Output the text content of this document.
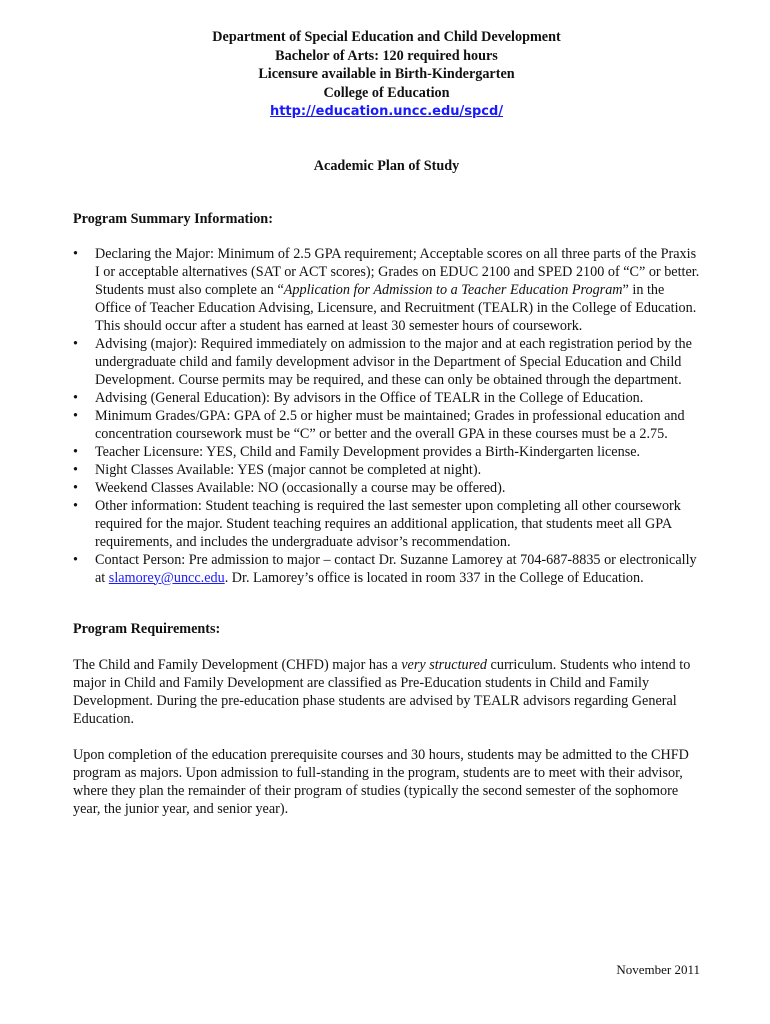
Department of Special Education and Child Development
Bachelor of Arts: 120 required hours
Licensure available in Birth-Kindergarten
College of Education
http://education.uncc.edu/spcd/
Academic Plan of Study
Program Summary Information:
• Declaring the Major: Minimum of 2.5 GPA requirement; Acceptable scores on all three parts of the Praxis I or acceptable alternatives (SAT or ACT scores); Grades on EDUC 2100 and SPED 2100 of “C” or better. Students must also complete an “Application for Admission to a Teacher Education Program” in the Office of Teacher Education Advising, Licensure, and Recruitment (TEALR) in the College of Education. This should occur after a student has earned at least 30 semester hours of coursework.
• Advising (major): Required immediately on admission to the major and at each registration period by the undergraduate child and family development advisor in the Department of Special Education and Child Development. Course permits may be required, and these can only be obtained through the department.
• Advising (General Education): By advisors in the Office of TEALR in the College of Education.
• Minimum Grades/GPA: GPA of 2.5 or higher must be maintained; Grades in professional education and concentration coursework must be “C” or better and the overall GPA in these courses must be a 2.75.
• Teacher Licensure: YES, Child and Family Development provides a Birth-Kindergarten license.
• Night Classes Available: YES (major cannot be completed at night).
• Weekend Classes Available: NO (occasionally a course may be offered).
• Other information: Student teaching is required the last semester upon completing all other coursework required for the major. Student teaching requires an additional application, that students meet all GPA requirements, and includes the undergraduate advisor’s recommendation.
• Contact Person: Pre admission to major – contact Dr. Suzanne Lamorey at 704-687-8835 or electronically at slamorey@uncc.edu. Dr. Lamorey’s office is located in room 337 in the College of Education.
Program Requirements:

The Child and Family Development (CHFD) major has a very structured curriculum. Students who intend to major in Child and Family Development are classified as Pre-Education students in Child and Family Development. During the pre-education phase students are advised by TEALR advisors regarding General Education.

Upon completion of the education prerequisite courses and 30 hours, students may be admitted to the CHFD program as majors. Upon admission to full-standing in the program, students are to meet with their advisor, where they plan the remainder of their program of studies (typically the second semester of the sophomore year, the junior year, and senior year).

November 2011
